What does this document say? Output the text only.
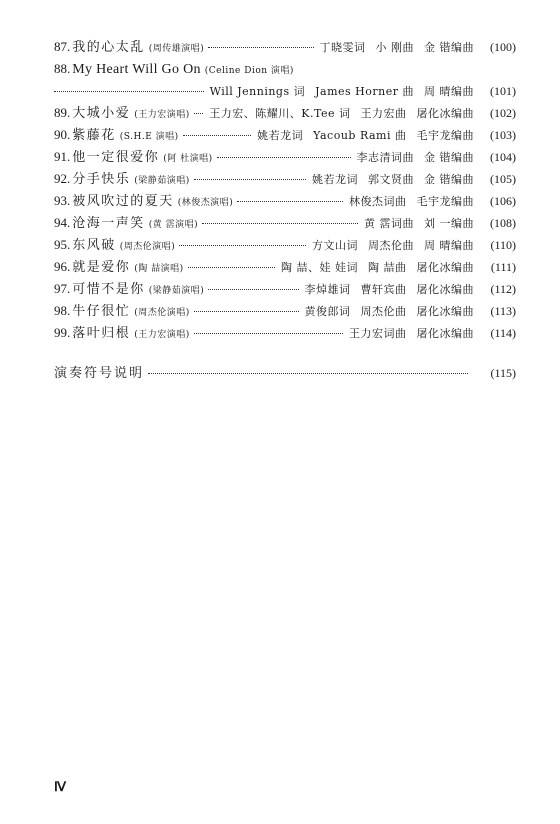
87. 我的心太乱 (周传雄演唱)	丁晓雯词 小 刚曲 金 锴编曲	(100)
88. My Heart Will Go On (Celine Dion 演唱)
Will Jennings 词 James Horner 曲 周 晴编曲	(101)
89. 大城小爱 (王力宏演唱) 王力宏、陈耀川、K.Tee 词 王力宏曲 屠化冰编曲	(102)
90. 紫藤花 (S.H.E 演唱)	姚若龙词 Yacoub Rami 曲 毛宇龙编曲	(103)
91. 他一定很爱你 (阿 杜演唱)	李志清词曲 金 锴编曲	(104)
92. 分手快乐 (梁静茹演唱)	姚若龙词 郭文贤曲 金 锴编曲	(105)
93. 被风吹过的夏天 (林俊杰演唱)	林俊杰词曲 毛宇龙编曲	(106)
94. 沧海一声笑 (黄 霑演唱)	黄 霑词曲 刘 一编曲	(108)
95. 东风破 (周杰伦演唱)	方文山词 周杰伦曲 周 晴编曲	(110)
96. 就是爱你 (陶 喆演唱)	陶 喆、娃 娃词 陶 喆曲 屠化冰编曲	(111)
97. 可惜不是你 (梁静茹演唱)	李焯雄词 曹轩宾曲 屠化冰编曲	(112)
98. 牛仔很忙 (周杰伦演唱)	黄俊郎词 周杰伦曲 屠化冰编曲	(113)
99. 落叶归根 (王力宏演唱)	王力宏词曲 屠化冰编曲	(114)
演奏符号说明	(115)
Ⅳ
